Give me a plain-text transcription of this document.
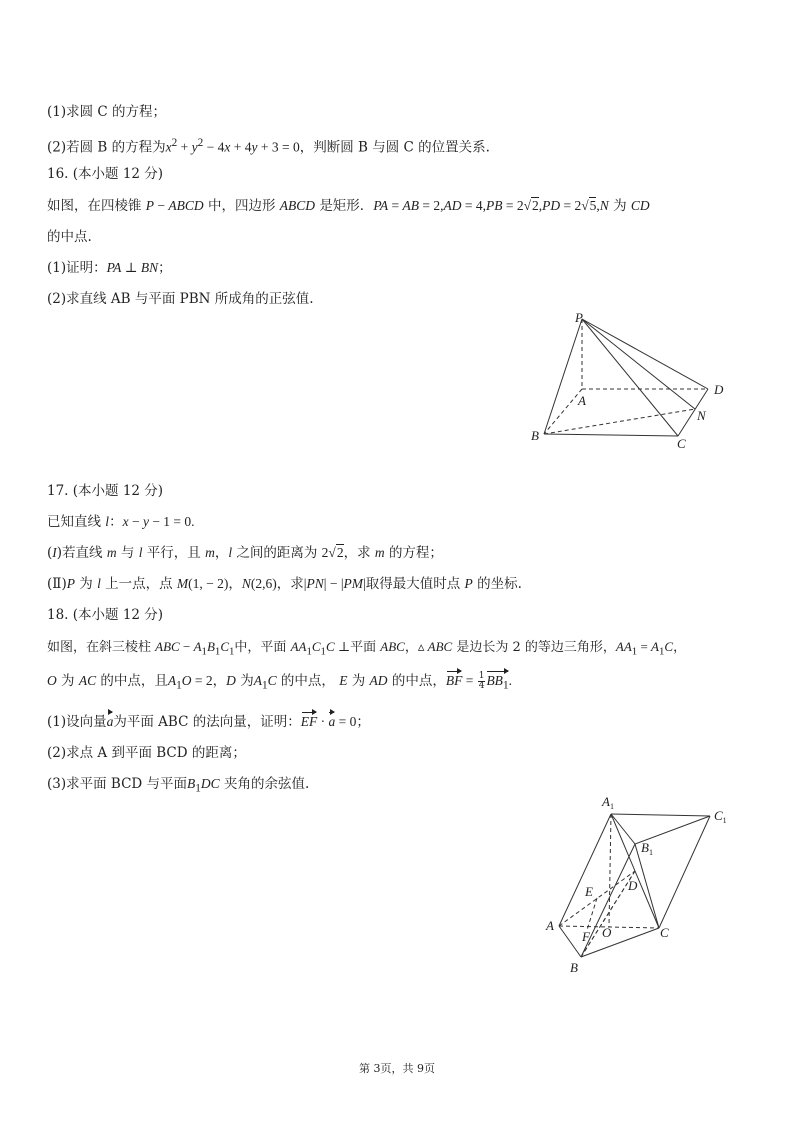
(1)求圆 C 的方程；
(2)若圆 B 的方程为$x^2 + y^2 - 4x + 4y + 3 = 0$，判断圆 B 与圆 C 的位置关系.
16. (本小题 12 分)
如图，在四棱锥 P − ABCD 中，四边形 ABCD 是矩形．PA = AB = 2,AD = 4,PB = 2√2,PD = 2√5,N 为 CD
的中点.
(1)证明：PA ⊥ BN；
(2)求直线 AB 与平面 PBN 所成角的正弦值.
P
A
D
N
B
C
17. (本小题 12 分)
已知直线 l：x − y − 1 = 0.
(I)若直线 m 与 l 平行，且 m，l 之间的距离为 2√2，求 m 的方程；
(Ⅱ)P 为 l 上一点，点 M(1, − 2)，N(2,6)，求|PN| − |PM|取得最大值时点 P 的坐标.
18. (本小题 12 分)
如图，在斜三棱柱 ABC − $A_1B_1C_1$中，平面 $AA_1C_1C$ ⊥平面 ABC，▵ ABC 是边长为 2 的等边三角形，$AA_1 = A_1C$，
O 为 AC 的中点，且$A_1O = 2$，D 为$A_1C$ 的中点， E 为 AD 的中点，BF = $\frac{1}{4} BB_1$.
(1)设向量a为平面 ABC 的法向量，证明：EF · a = 0；
(2)求点 A 到平面 BCD 的距离；
(3)求平面 BCD 与平面$B_1DC$ 夹角的余弦值.
$A_1$
$C_1$
$B_1$
D
E
A
F O	C
B
第 3页，共 9页
